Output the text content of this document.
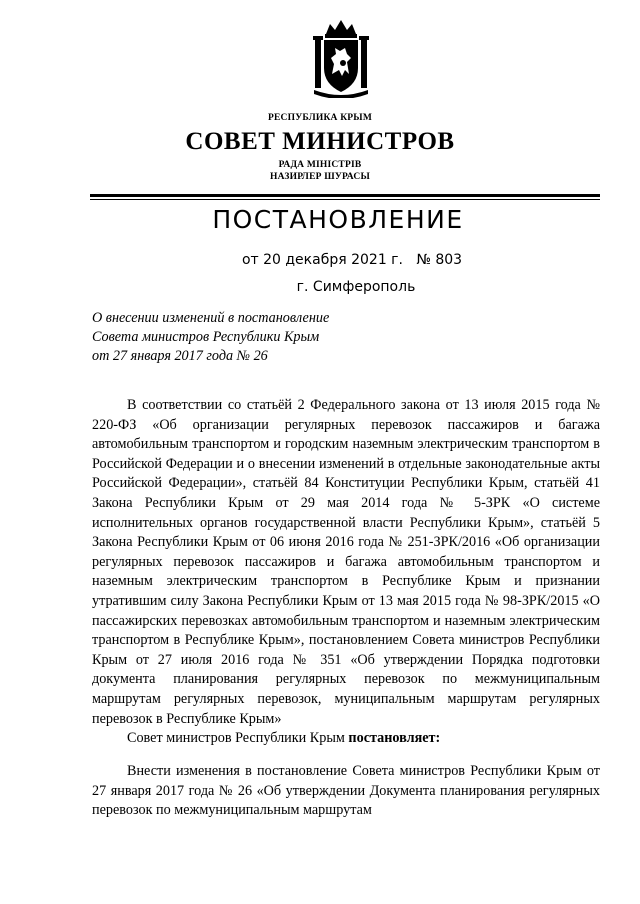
РЕСПУБЛИКА КРЫМ
СОВЕТ МИНИСТРОВ
РАДА МІНІСТРІВ
НАЗИРЛЕР ШУРАСЫ
ПОСТАНОВЛЕНИЕ
от 20 декабря 2021 г.   № 803
г. Симферополь
О внесении изменений в постановление
Совета министров Республики Крым
от 27 января 2017 года № 26

В соответствии со статьёй 2 Федерального закона от 13 июля 2015 года № 220-ФЗ «Об организации регулярных перевозок пассажиров и багажа автомобильным транспортом и городским наземным электрическим транспортом в Российской Федерации и о внесении изменений в отдельные законодательные акты Российской Федерации», статьёй 84 Конституции Республики Крым, статьёй 41 Закона Республики Крым от 29 мая 2014 года № 5-ЗРК «О системе исполнительных органов государственной власти Республики Крым», статьёй 5 Закона Республики Крым от 06 июня 2016 года № 251-ЗРК/2016 «Об организации регулярных перевозок пассажиров и багажа автомобильным транспортом и наземным электрическим транспортом в Республике Крым и признании утратившим силу Закона Республики Крым от 13 мая 2015 года № 98-ЗРК/2015 «О пассажирских перевозках автомобильным транспортом и наземным электрическим транспортом в Республике Крым», постановлением Совета министров Республики Крым от 27 июля 2016 года № 351 «Об утверждении Порядка подготовки документа планирования регулярных перевозок по межмуниципальным маршрутам регулярных перевозок, муниципальным маршрутам регулярных перевозок в Республике Крым»

Совет министров Республики Крым постановляет:

Внести изменения в постановление Совета министров Республики Крым от 27 января 2017 года № 26 «Об утверждении Документа планирования регулярных перевозок по межмуниципальным маршрутам
